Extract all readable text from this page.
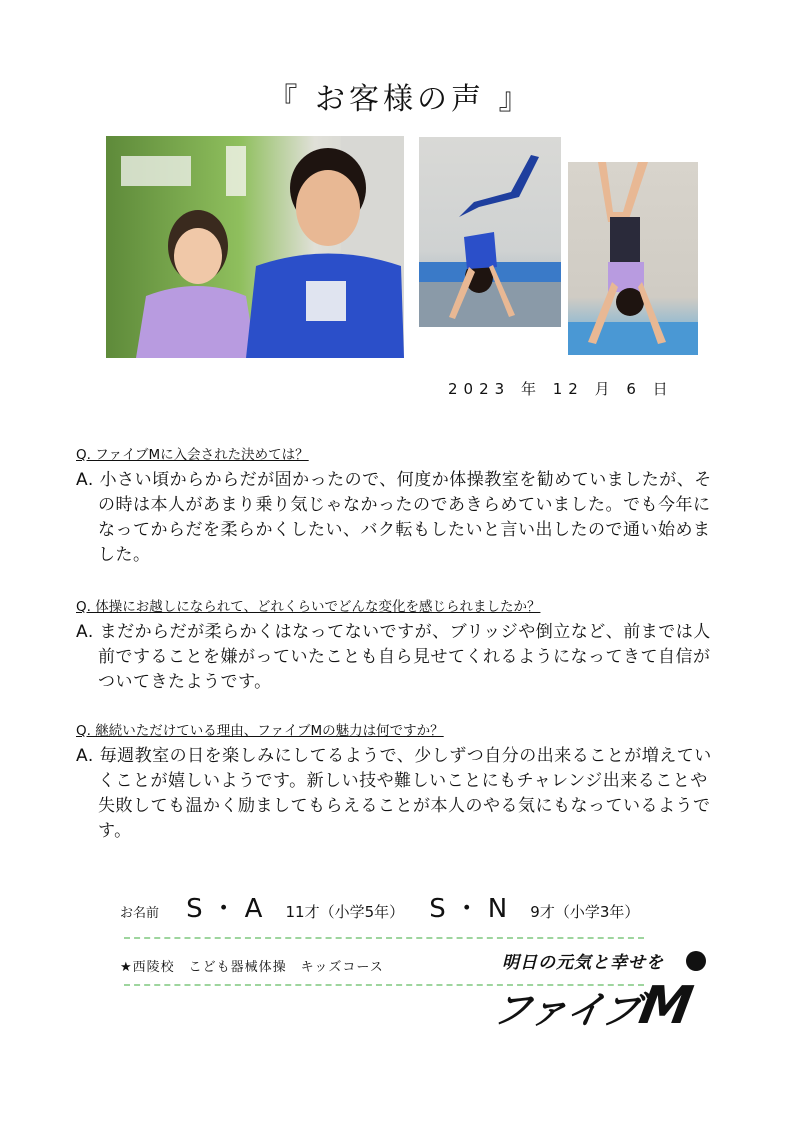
『 お客様の声 』
2023 年 12 月 6 日

Q. ファイブMに入会された決めては？

A. 小さい頃からからだが固かったので、何度か体操教室を勧めていましたが、その時は本人があまり乗り気じゃなかったのであきらめていました。でも今年になってからだを柔らかくしたい、バク転もしたいと言い出したので通い始めました。

Q. 体操にお越しになられて、どれくらいでどんな変化を感じられましたか？

A. まだからだが柔らかくはなってないですが、ブリッジや倒立など、前までは人前ですることを嫌がっていたことも自ら見せてくれるようになってきて自信がついてきたようです。

Q. 継続いただけている理由、ファイブMの魅力は何ですか？

A. 毎週教室の日を楽しみにしてるようで、少しずつ自分の出来ることが増えていくことが嬉しいようです。新しい技や難しいことにもチャレンジ出来ることや失敗しても温かく励ましてもらえることが本人のやる気にもなっているようです。

お名前 S・A 11才（小学5年） S・N 9才（小学3年）
★西陵校　こども器械体操　キッズコース	明日の元気と幸せを
ファイブM
